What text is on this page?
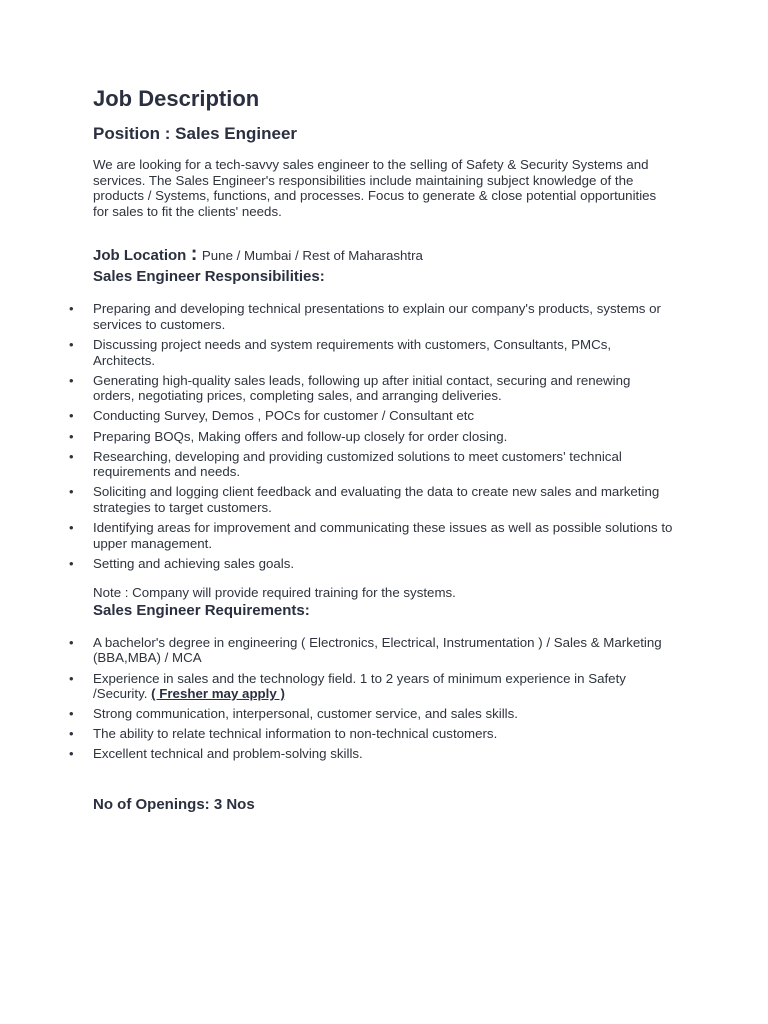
Job Description
Position : Sales Engineer

We are looking for a tech-savvy sales engineer to the selling of Safety & Security Systems and services. The Sales Engineer's responsibilities include maintaining subject knowledge of the products / Systems, functions, and processes. Focus to generate & close potential opportunities for sales to fit the clients' needs.

Job Location : Pune / Mumbai / Rest of Maharashtra
Sales Engineer Responsibilities:
• Preparing and developing technical presentations to explain our company's products, systems or services to customers.
• Discussing project needs and system requirements with customers, Consultants, PMCs, Architects.
• Generating high-quality sales leads, following up after initial contact, securing and renewing orders, negotiating prices, completing sales, and arranging deliveries.
• Conducting Survey, Demos , POCs for customer / Consultant etc
• Preparing BOQs, Making offers and follow-up closely for order closing.
• Researching, developing and providing customized solutions to meet customers' technical requirements and needs.
• Soliciting and logging client feedback and evaluating the data to create new sales and marketing strategies to target customers.
• Identifying areas for improvement and communicating these issues as well as possible solutions to upper management.
• Setting and achieving sales goals.

Note : Company will provide required training for the systems.

Sales Engineer Requirements:
• A bachelor's degree in engineering ( Electronics, Electrical, Instrumentation ) / Sales & Marketing (BBA,MBA) / MCA
• Experience in sales and the technology field. 1 to 2 years of minimum experience in Safety /Security. ( Fresher may apply )
• Strong communication, interpersonal, customer service, and sales skills.
• The ability to relate technical information to non-technical customers.
• Excellent technical and problem-solving skills.
No of Openings: 3 Nos
